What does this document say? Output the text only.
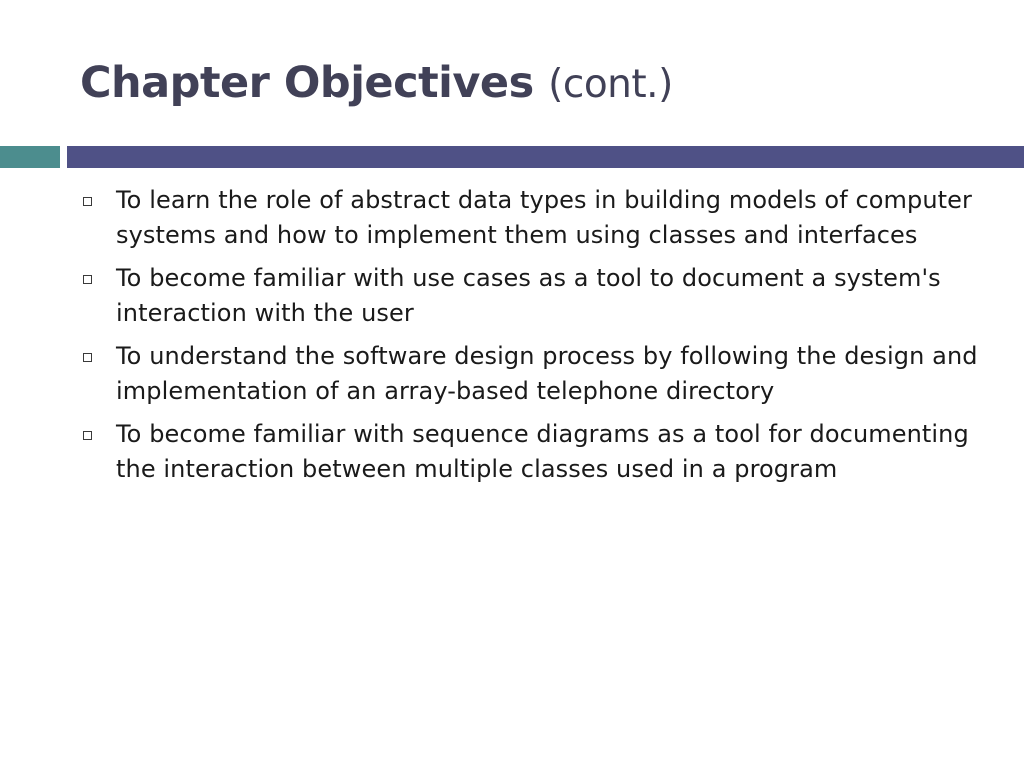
Chapter Objectives (cont.)
To learn the role of abstract data types in building models of computer systems and how to implement them using classes and interfaces
To become familiar with use cases as a tool to document a system's interaction with the user
To understand the software design process by following the design and implementation of an array-based telephone directory
To become familiar with sequence diagrams as a tool for documenting the interaction between multiple classes used in a program
